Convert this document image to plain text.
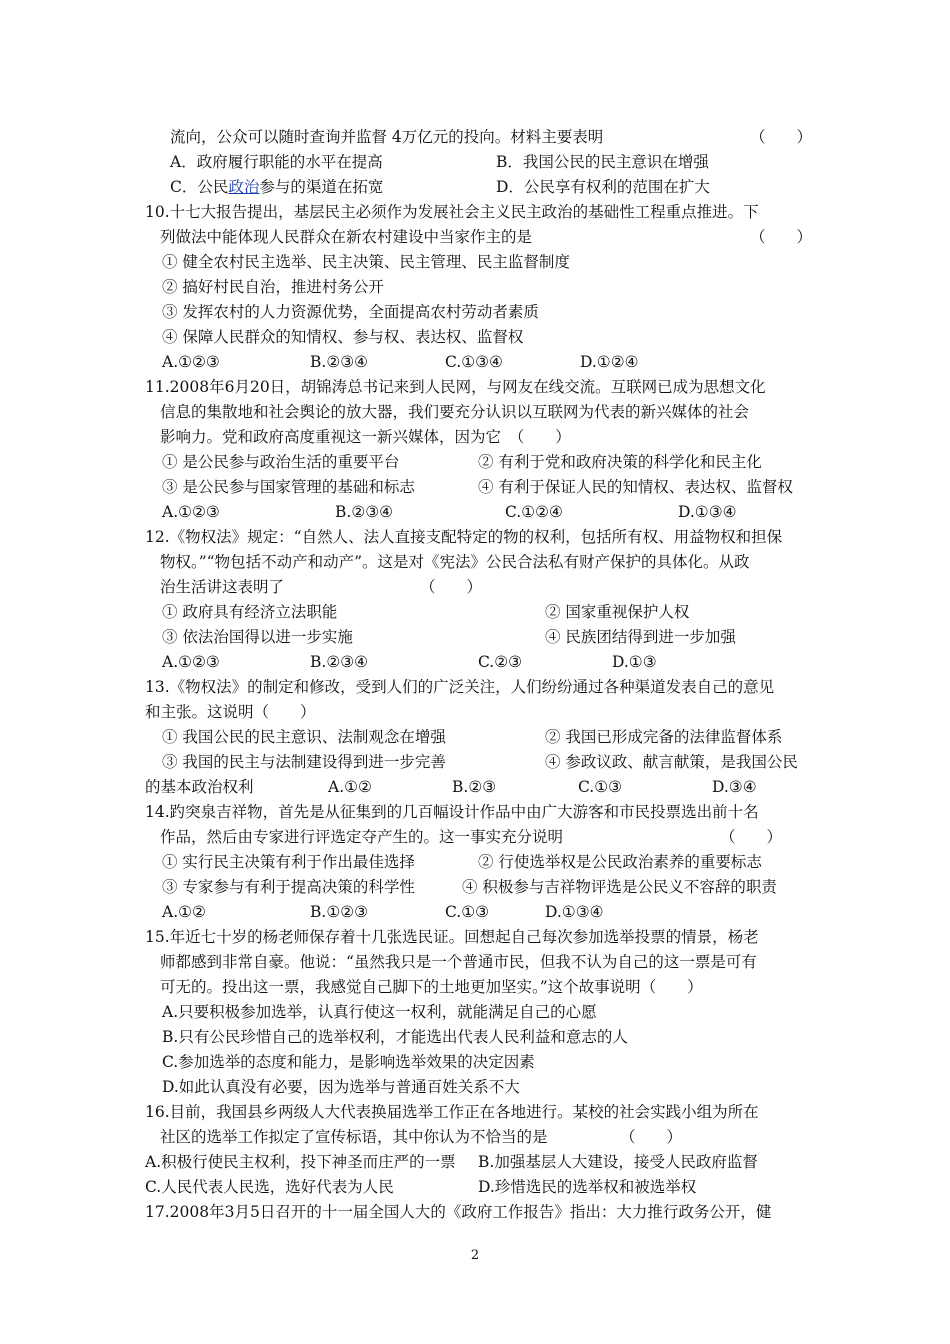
流向，公众可以随时查询并监督 4万亿元的投向。材料主要表明	（　　）
A．政府履行职能的水平在提高	B．我国公民的民主意识在增强
C．公民政治参与的渠道在拓宽	D．公民享有权利的范围在扩大
10.十七大报告提出，基层民主必须作为发展社会主义民主政治的基础性工程重点推进。下
列做法中能体现人民群众在新农村建设中当家作主的是	（　　）
① 健全农村民主选举、民主决策、民主管理、民主监督制度
② 搞好村民自治，推进村务公开
③ 发挥农村的人力资源优势，全面提高农村劳动者素质
④ 保障人民群众的知情权、参与权、表达权、监督权
A.①②③	B.②③④	C.①③④	D.①②④
11.2008年6月20日，胡锦涛总书记来到人民网，与网友在线交流。互联网已成为思想文化
信息的集散地和社会舆论的放大器，我们要充分认识以互联网为代表的新兴媒体的社会
影响力。党和政府高度重视这一新兴媒体，因为它　（　　）
① 是公民参与政治生活的重要平台	② 有利于党和政府决策的科学化和民主化
③ 是公民参与国家管理的基础和标志	④ 有利于保证人民的知情权、表达权、监督权
A.①②③	B.②③④	C.①②④	D.①③④
12.《物权法》规定：“自然人、法人直接支配特定的物的权利，包括所有权、用益物权和担保
物权。”“物包括不动产和动产”。这是对《宪法》公民合法私有财产保护的具体化。从政
治生活讲这表明了	（　　）
① 政府具有经济立法职能	② 国家重视保护人权
③ 依法治国得以进一步实施	④ 民族团结得到进一步加强
A.①②③	B.②③④	C.②③	D.①③
13.《物权法》的制定和修改，受到人们的广泛关注，人们纷纷通过各种渠道发表自己的意见
和主张。这说明（　　）
① 我国公民的民主意识、法制观念在增强	② 我国已形成完备的法律监督体系
③ 我国的民主与法制建设得到进一步完善	④ 参政议政、献言献策，是我国公民
的基本政治权利	A.①②	B.②③	C.①③	D.③④
14.趵突泉吉祥物，首先是从征集到的几百幅设计作品中由广大游客和市民投票选出前十名
作品，然后由专家进行评选定夺产生的。这一事实充分说明	（　　）
① 实行民主决策有利于作出最佳选择	② 行使选举权是公民政治素养的重要标志
③ 专家参与有利于提高决策的科学性	④ 积极参与吉祥物评选是公民义不容辞的职责
A.①②	B.①②③	C.①③	D.①③④
15.年近七十岁的杨老师保存着十几张选民证。回想起自己每次参加选举投票的情景，杨老
师都感到非常自豪。他说：“虽然我只是一个普通市民，但我不认为自己的这一票是可有
可无的。投出这一票，我感觉自己脚下的土地更加坚实。”这个故事说明（　　）
A.只要积极参加选举，认真行使这一权利，就能满足自己的心愿
B.只有公民珍惜自己的选举权利，才能选出代表人民利益和意志的人
C.参加选举的态度和能力，是影响选举效果的决定因素
D.如此认真没有必要，因为选举与普通百姓关系不大
16.目前，我国县乡两级人大代表换届选举工作正在各地进行。某校的社会实践小组为所在
社区的选举工作拟定了宣传标语，其中你认为不恰当的是	（　　）
A.积极行使民主权利，投下神圣而庄严的一票 B.加强基层人大建设，接受人民政府监督
C.人民代表人民选，选好代表为人民	D.珍惜选民的选举权和被选举权
17.2008年3月5日召开的十一届全国人大的《政府工作报告》指出：大力推行政务公开，健
2
